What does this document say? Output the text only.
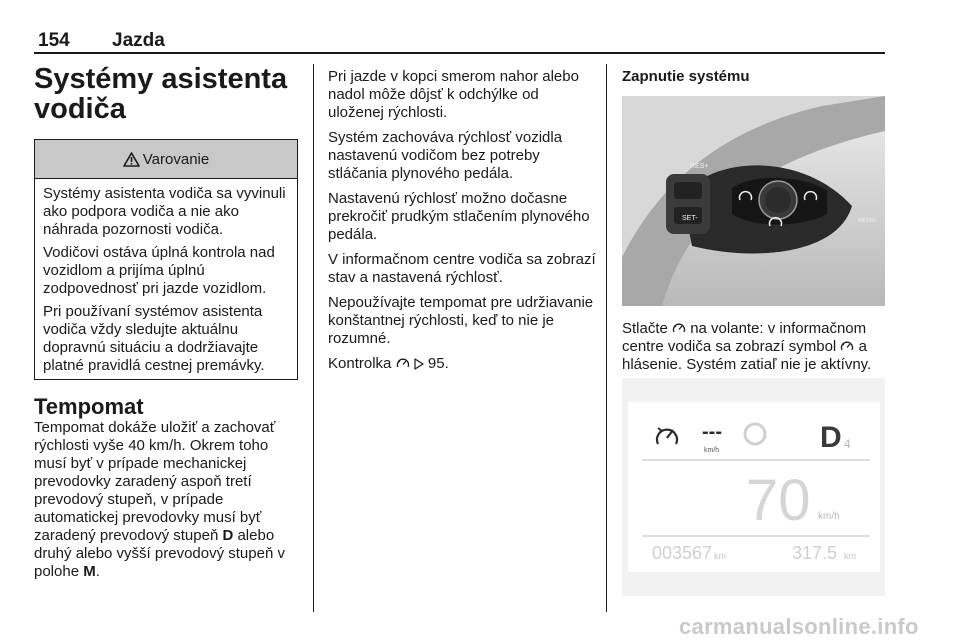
154 Jazda
Systémy asistenta vodiča
Varovanie

Systémy asistenta vodiča sa vyvinuli ako podpora vodiča a nie ako náhrada pozornosti vodiča.

Vodičovi ostáva úplná kontrola nad vozidlom a prijíma úplnú zodpovednosť pri jazde vozidlom.

Pri používaní systémov asistenta vodiča vždy sledujte aktuálnu dopravnú situáciu a dodržiavajte platné pravidlá cestnej premávky.

Tempomat

Tempomat dokáže uložiť a zachovať rýchlosti vyše 40 km/h. Okrem toho musí byť v prípade mechanickej prevodovky zaradený aspoň tretí prevodový stupeň, v prípade automatickej prevodovky musí byť zaradený prevodový stupeň D alebo druhý alebo vyšší prevodový stupeň v polohe M.

Pri jazde v kopci smerom nahor alebo nadol môže dôjsť k odchýlke od uloženej rýchlosti.

Systém zachováva rýchlosť vozidla nastavenú vodičom bez potreby stláčania plynového pedála.

Nastavenú rýchlosť možno dočasne prekročiť prudkým stlačením plynového pedála.

V informačnom centre vodiča sa zobrazí stav a nastavená rýchlosť.

Nepoužívajte tempomat pre udržiavanie konštantnej rýchlosti, keď to nie je rozumné.

Kontrolka 95.

Zapnutie systému
RES+
SET-	MENU

Stlačte  na volante: v informačnom centre vodiča sa zobrazí symbol  a hlásenie. Systém zatiaľ nie je aktívny.

---
km/h	D 4
70 km/h
003567 km	317.5 km
carmanualsonline.info
